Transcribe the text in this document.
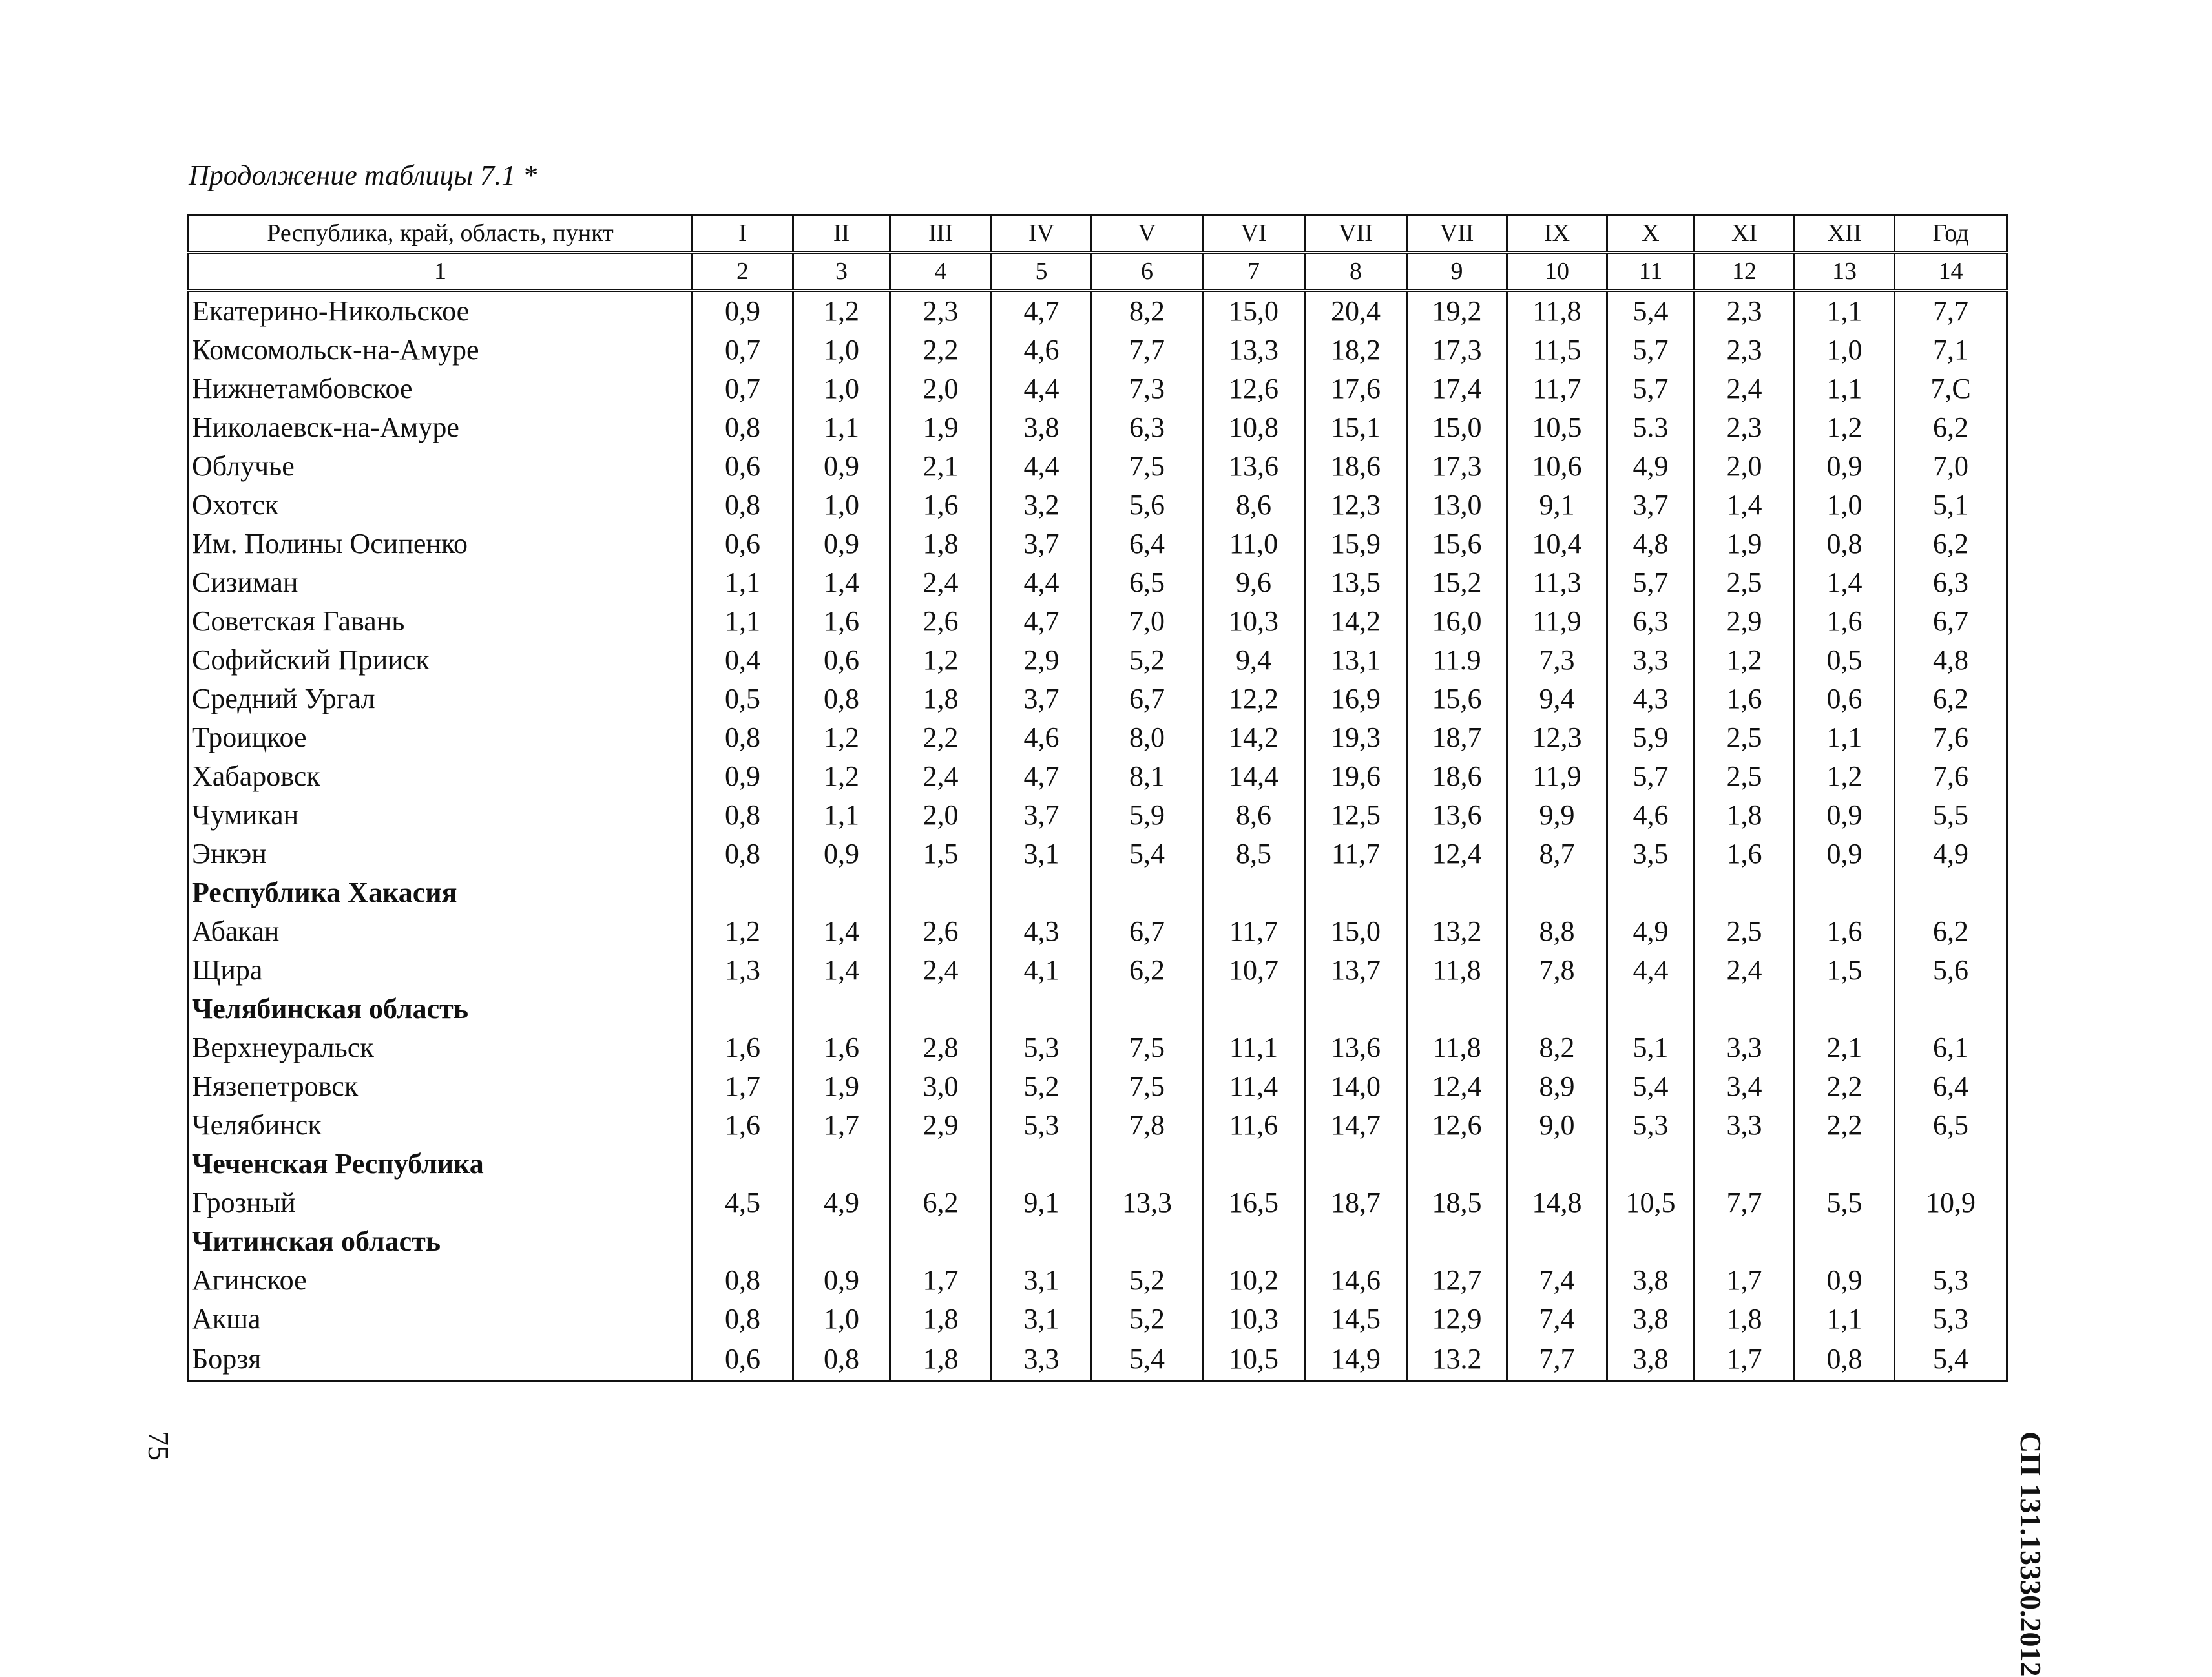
Продолжение таблицы 7.1 *
Республика, край, область, пункт	I	II	III	IV	V	VI	VII	VII	IX	X	XI	XII	Год
1	2	3	4	5	6	7	8	9	10	11	12	13	14
Екатерино-Никольское	0,9	1,2	2,3	4,7	8,2	15,0	20,4	19,2	11,8	5,4	2,3	1,1	7,7
Комсомольск-на-Амуре	0,7	1,0	2,2	4,6	7,7	13,3	18,2	17,3	11,5	5,7	2,3	1,0	7,1
Нижнетамбовское	0,7	1,0	2,0	4,4	7,3	12,6	17,6	17,4	11,7	5,7	2,4	1,1	7,С
Николаевск-на-Амуре	0,8	1,1	1,9	3,8	6,3	10,8	15,1	15,0	10,5	5.3	2,3	1,2	6,2
Облучье	0,6	0,9	2,1	4,4	7,5	13,6	18,6	17,3	10,6	4,9	2,0	0,9	7,0
Охотск	0,8	1,0	1,6	3,2	5,6	8,6	12,3	13,0	9,1	3,7	1,4	1,0	5,1
Им. Полины Осипенко	0,6	0,9	1,8	3,7	6,4	11,0	15,9	15,6	10,4	4,8	1,9	0,8	6,2
Сизиман	1,1	1,4	2,4	4,4	6,5	9,6	13,5	15,2	11,3	5,7	2,5	1,4	6,3
Советская Гавань	1,1	1,6	2,6	4,7	7,0	10,3	14,2	16,0	11,9	6,3	2,9	1,6	6,7
Софийский Прииск	0,4	0,6	1,2	2,9	5,2	9,4	13,1	11.9	7,3	3,3	1,2	0,5	4,8
Средний Ургал	0,5	0,8	1,8	3,7	6,7	12,2	16,9	15,6	9,4	4,3	1,6	0,6	6,2
Троицкое	0,8	1,2	2,2	4,6	8,0	14,2	19,3	18,7	12,3	5,9	2,5	1,1	7,6
Хабаровск	0,9	1,2	2,4	4,7	8,1	14,4	19,6	18,6	11,9	5,7	2,5	1,2	7,6
Чумикан	0,8	1,1	2,0	3,7	5,9	8,6	12,5	13,6	9,9	4,6	1,8	0,9	5,5
Энкэн	0,8	0,9	1,5	3,1	5,4	8,5	11,7	12,4	8,7	3,5	1,6	0,9	4,9
Республика Хакасия													
Абакан	1,2	1,4	2,6	4,3	6,7	11,7	15,0	13,2	8,8	4,9	2,5	1,6	6,2
Щира	1,3	1,4	2,4	4,1	6,2	10,7	13,7	11,8	7,8	4,4	2,4	1,5	5,6
Челябинская область													
Верхнеуральск	1,6	1,6	2,8	5,3	7,5	11,1	13,6	11,8	8,2	5,1	3,3	2,1	6,1
Нязепетровск	1,7	1,9	3,0	5,2	7,5	11,4	14,0	12,4	8,9	5,4	3,4	2,2	6,4
Челябинск	1,6	1,7	2,9	5,3	7,8	11,6	14,7	12,6	9,0	5,3	3,3	2,2	6,5
Чеченская Республика													
Грозный	4,5	4,9	6,2	9,1	13,3	16,5	18,7	18,5	14,8	10,5	7,7	5,5	10,9
Читинская область													
Агинское	0,8	0,9	1,7	3,1	5,2	10,2	14,6	12,7	7,4	3,8	1,7	0,9	5,3
Акша	0,8	1,0	1,8	3,1	5,2	10,3	14,5	12,9	7,4	3,8	1,8	1,1	5,3
Борзя	0,6	0,8	1,8	3,3	5,4	10,5	14,9	13.2	7,7	3,8	1,7	0,8	5,4
СП 131.13330.2012
75
